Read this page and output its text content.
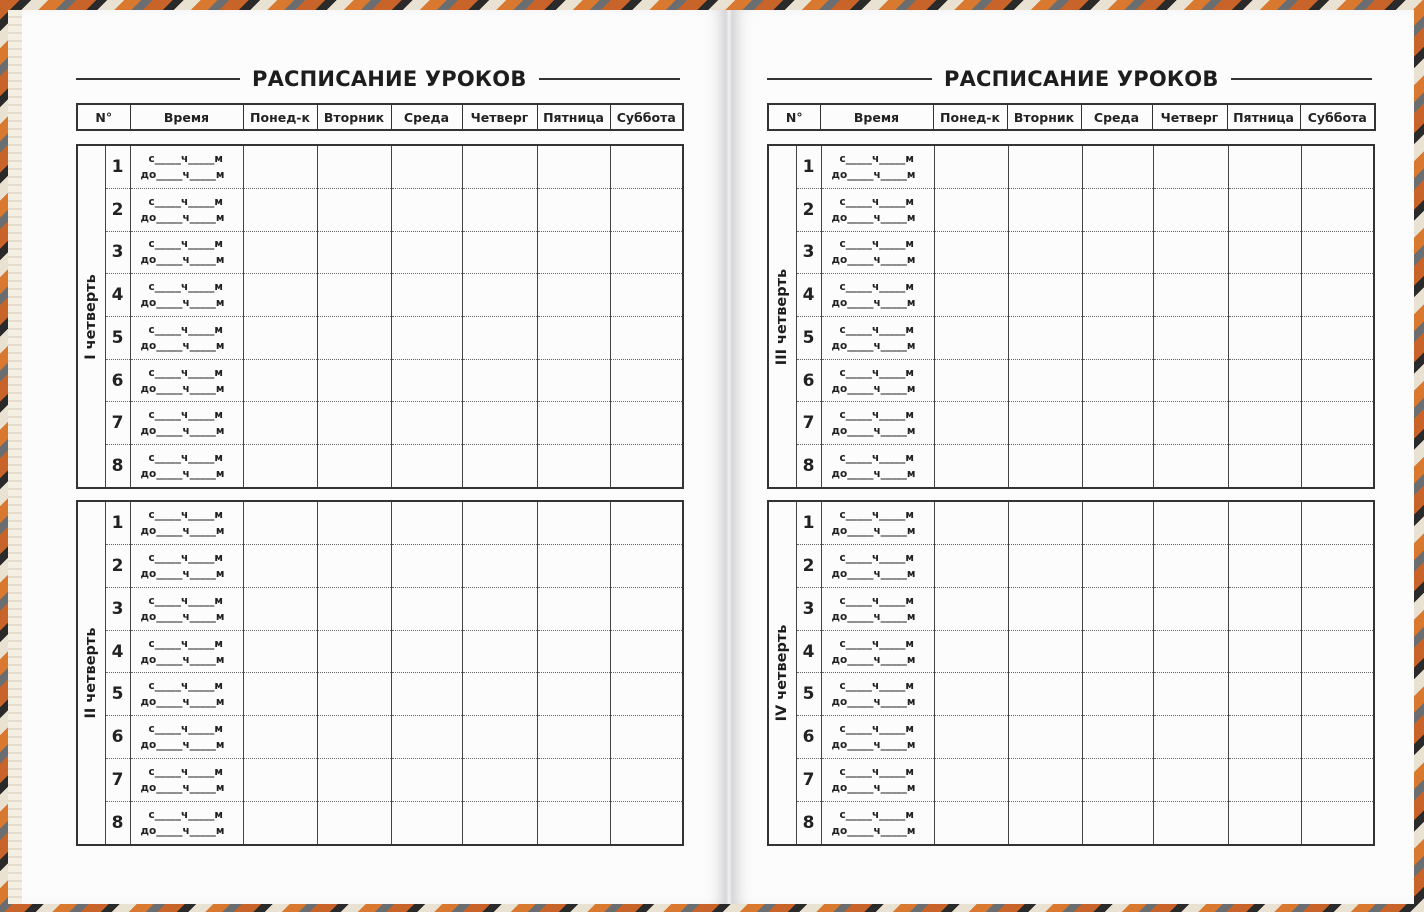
РАСПИСАНИЕ УРОКОВ
N°	Время	Понед-к	Вторник	Среда	Четверг	Пятница	Суббота
I четверть	1	с_____ч_____м
до_____ч_____м						

	2	с_____ч_____м
до_____ч_____м						

	3	с_____ч_____м
до_____ч_____м						

	4	с_____ч_____м
до_____ч_____м						

	5	с_____ч_____м
до_____ч_____м						

	6	с_____ч_____м
до_____ч_____м						

	7	с_____ч_____м
до_____ч_____м						

	8	с_____ч_____м
до_____ч_____м						

II четверть	1	с_____ч_____м
до_____ч_____м						

	2	с_____ч_____м
до_____ч_____м						

	3	с_____ч_____м
до_____ч_____м						

	4	с_____ч_____м
до_____ч_____м						

	5	с_____ч_____м
до_____ч_____м						

	6	с_____ч_____м
до_____ч_____м						

	7	с_____ч_____м
до_____ч_____м						

	8	с_____ч_____м
до_____ч_____м						

РАСПИСАНИЕ УРОКОВ
N°	Время	Понед-к	Вторник	Среда	Четверг	Пятница	Суббота
III четверть	1	с_____ч_____м
до_____ч_____м						

	2	с_____ч_____м
до_____ч_____м						

	3	с_____ч_____м
до_____ч_____м						

	4	с_____ч_____м
до_____ч_____м						

	5	с_____ч_____м
до_____ч_____м						

	6	с_____ч_____м
до_____ч_____м						

	7	с_____ч_____м
до_____ч_____м						

	8	с_____ч_____м
до_____ч_____м						

IV четверть	1	с_____ч_____м
до_____ч_____м						

	2	с_____ч_____м
до_____ч_____м						

	3	с_____ч_____м
до_____ч_____м						

	4	с_____ч_____м
до_____ч_____м						

	5	с_____ч_____м
до_____ч_____м						

	6	с_____ч_____м
до_____ч_____м						

	7	с_____ч_____м
до_____ч_____м						

	8	с_____ч_____м
до_____ч_____м						
